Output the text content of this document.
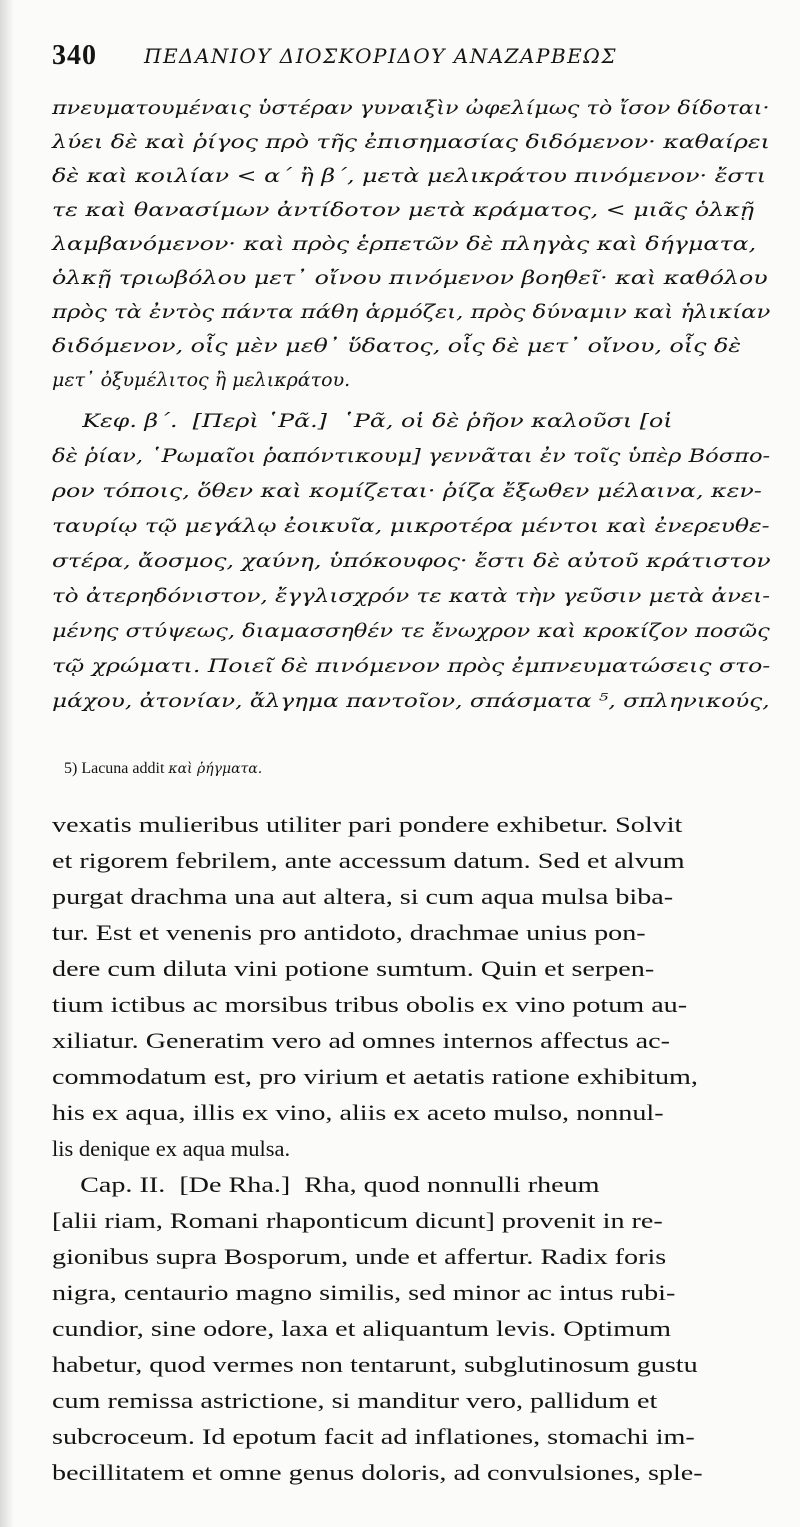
340 ΠΕΔΑΝΙΟΥ ΔΙΟΣΚΟΡΙΔΟΥ ΑΝΑΖΑΡΒΕΩΣ
πνευματουμέναις ὑστέραν γυναιξὶν ὠφελίμως τὸ ἴσον δίδοται·
λύει δὲ καὶ ῥίγος πρὸ τῆς ἐπισημασίας διδόμενον· καθαίρει
δὲ καὶ κοιλίαν < α΄ ἢ β΄, μετὰ μελικράτου πινόμενον· ἔστι
τε καὶ θανασίμων ἀντίδοτον μετὰ κράματος, < μιᾶς ὁλκῇ
λαμβανόμενον· καὶ πρὸς ἑρπετῶν δὲ πληγὰς καὶ δήγματα,
ὁλκῇ τριωβόλου μετ᾽ οἴνου πινόμενον βοηθεῖ· καὶ καθόλου
πρὸς τὰ ἐντὸς πάντα πάθη ἁρμόζει, πρὸς δύναμιν καὶ ἡλικίαν
διδόμενον, οἷς μὲν μεθ᾽ ὕδατος, οἷς δὲ μετ᾽ οἴνου, οἷς δὲ
μετ᾽ ὀξυμέλιτος ἢ μελικράτου.
Κεφ. β΄.  [Περὶ ῾Ρᾶ.]  ῾Ρᾶ, οἱ δὲ ῥῆον καλοῦσι [οἱ
δὲ ῥίαν, ῾Ρωμαῖοι ῥαπόντικουμ] γεννᾶται ἐν τοῖς ὑπὲρ Βόσπο-
ρον τόποις, ὅθεν καὶ κομίζεται· ῥίζα ἔξωθεν μέλαινα, κεν-
ταυρίῳ τῷ μεγάλῳ ἐοικυῖα, μικροτέρα μέντοι καὶ ἐνερευθε-
στέρα, ἄοσμος, χαύνη, ὑπόκουφος· ἔστι δὲ αὐτοῦ κράτιστον
τὸ ἀτερηδόνιστον, ἔγγλισχρόν τε κατὰ τὴν γεῦσιν μετὰ ἀνει-
μένης στύψεως, διαμασσηθέν τε ἔνωχρον καὶ κροκίζον ποσῶς
τῷ χρώματι. Ποιεῖ δὲ πινόμενον πρὸς ἐμπνευματώσεις στο-
μάχου, ἀτονίαν, ἄλγημα παντοῖον, σπάσματα ⁵, σπληνικούς,
5) Lacuna addit καὶ ῥήγματα.
vexatis mulieribus utiliter pari pondere exhibetur. Solvit
et rigorem febrilem, ante accessum datum. Sed et alvum
purgat drachma una aut altera, si cum aqua mulsa biba-
tur. Est et venenis pro antidoto, drachmae unius pon-
dere cum diluta vini potione sumtum. Quin et serpen-
tium ictibus ac morsibus tribus obolis ex vino potum au-
xiliatur. Generatim vero ad omnes internos affectus ac-
commodatum est, pro virium et aetatis ratione exhibitum,
his ex aqua, illis ex vino, aliis ex aceto mulso, nonnul-
lis denique ex aqua mulsa.
Cap. II.  [De Rha.]  Rha, quod nonnulli rheum
[alii riam, Romani rhaponticum dicunt] provenit in re-
gionibus supra Bosporum, unde et affertur. Radix foris
nigra, centaurio magno similis, sed minor ac intus rubi-
cundior, sine odore, laxa et aliquantum levis. Optimum
habetur, quod vermes non tentarunt, subglutinosum gustu
cum remissa astrictione, si manditur vero, pallidum et
subcroceum. Id epotum facit ad inflationes, stomachi im-
becillitatem et omne genus doloris, ad convulsiones, sple-
